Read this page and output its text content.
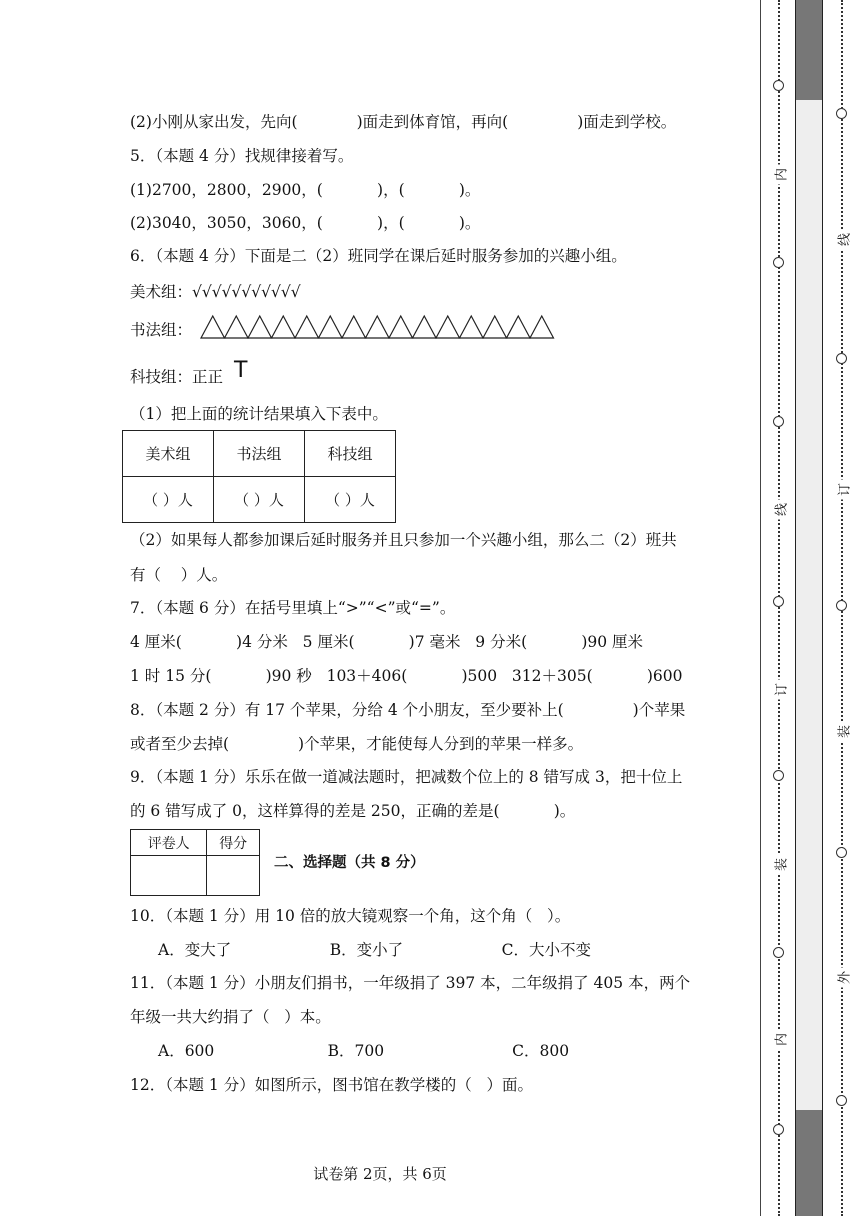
(2)小刚从家出发，先向(            )面走到体育馆，再向(              )面走到学校。
5．（本题 4 分）找规律接着写。
(1)2700，2800，2900，(           )，(           )。
(2)3040，3050，3060，(           )，(           )。
6．（本题 4 分）下面是二（2）班同学在课后延时服务参加的兴趣小组。
美术组：√√√√√√√√√√√
书法组：
科技组：正正 T
（1）把上面的统计结果填入下表中。
美术组	书法组	科技组
（ ）人	（ ）人	（ ）人
（2）如果每人都参加课后延时服务并且只参加一个兴趣小组，那么二（2）班共
有（    ）人。
7．（本题 6 分）在括号里填上“>”“<”或“=”。
4 厘米(           )4 分米   5 厘米(           )7 毫米   9 分米(           )90 厘米
1 时 15 分(           )90 秒   103＋406(           )500   312＋305(           )600
8．（本题 2 分）有 17 个苹果，分给 4 个小朋友，至少要补上(              )个苹果
或者至少去掉(              )个苹果，才能使每人分到的苹果一样多。
9．（本题 1 分）乐乐在做一道减法题时，把减数个位上的 8 错写成 3，把十位上
的 6 错写成了 0，这样算得的差是 250，正确的差是(           )。
评卷人	得分

二、选择题（共 8 分）
10．（本题 1 分）用 10 倍的放大镜观察一个角，这个角（   ）。
A．变大了                    B．变小了                    C．大小不变
11．（本题 1 分）小朋友们捐书，一年级捐了 397 本，二年级捐了 405 本，两个
年级一共大约捐了（   ）本。
A．600                       B．700                          C．800
12．（本题 1 分）如图所示，图书馆在教学楼的（   ）面。
试卷第 2页，共 6页
内
线
订
装
内
线
订
装
外
